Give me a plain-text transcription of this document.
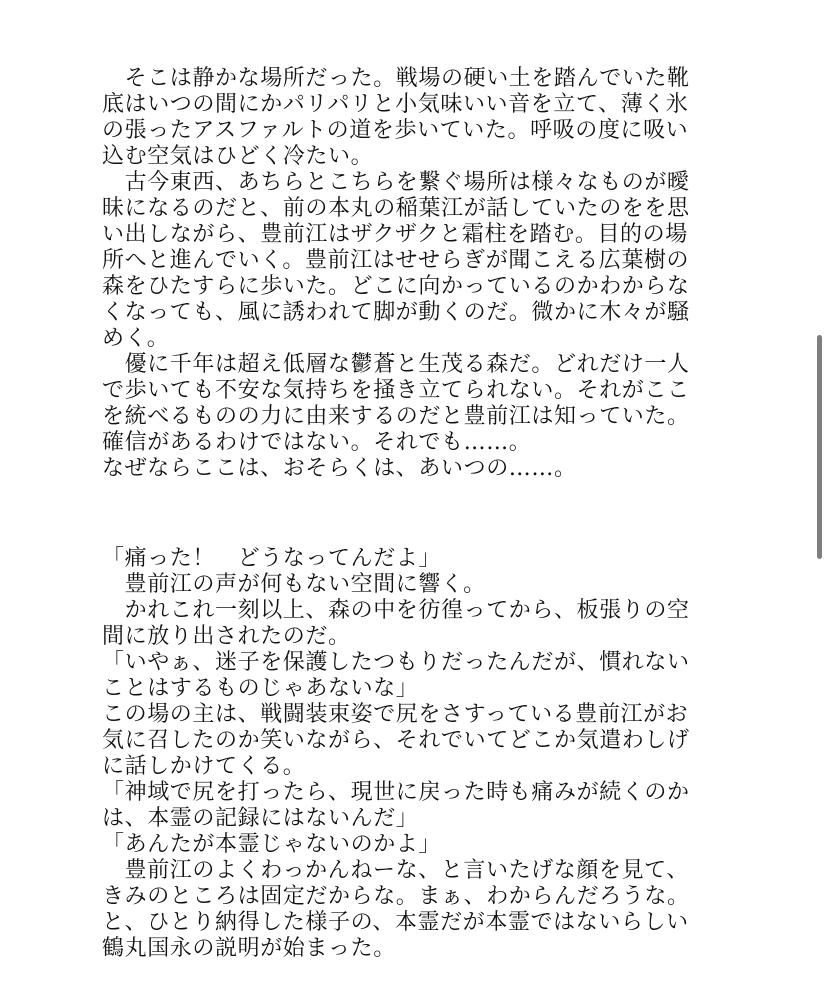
　そこは静かな場所だった。戦場の硬い土を踏んでいた靴
底はいつの間にかパリパリと小気味いい音を立て、薄く氷
の張ったアスファルトの道を歩いていた。呼吸の度に吸い
込む空気はひどく冷たい。
　古今東西、あちらとこちらを繋ぐ場所は様々なものが曖
昧になるのだと、前の本丸の稲葉江が話していたのをを思
い出しながら、豊前江はザクザクと霜柱を踏む。目的の場
所へと進んでいく。豊前江はせせらぎが聞こえる広葉樹の
森をひたすらに歩いた。どこに向かっているのかわからな
くなっても、風に誘われて脚が動くのだ。微かに木々が騒
めく。
　優に千年は超え低層な鬱蒼と生茂る森だ。どれだけ一人
で歩いても不安な気持ちを掻き立てられない。それがここ
を統べるものの力に由来するのだと豊前江は知っていた。
確信があるわけではない。それでも……。
なぜならここは、おそらくは、あいつの……。
「痛った！　どうなってんだよ」
　豊前江の声が何もない空間に響く。
　かれこれ一刻以上、森の中を彷徨ってから、板張りの空
間に放り出されたのだ。
「いやぁ、迷子を保護したつもりだったんだが、慣れない
ことはするものじゃあないな」
この場の主は、戦闘装束姿で尻をさすっている豊前江がお
気に召したのか笑いながら、それでいてどこか気遣わしげ
に話しかけてくる。
「神域で尻を打ったら、現世に戻った時も痛みが続くのか
は、本霊の記録にはないんだ」
「あんたが本霊じゃないのかよ」
　豊前江のよくわっかんねーな、と言いたげな顔を見て、
きみのところは固定だからな。まぁ、わからんだろうな。
と、ひとり納得した様子の、本霊だが本霊ではないらしい
鶴丸国永の説明が始まった。
